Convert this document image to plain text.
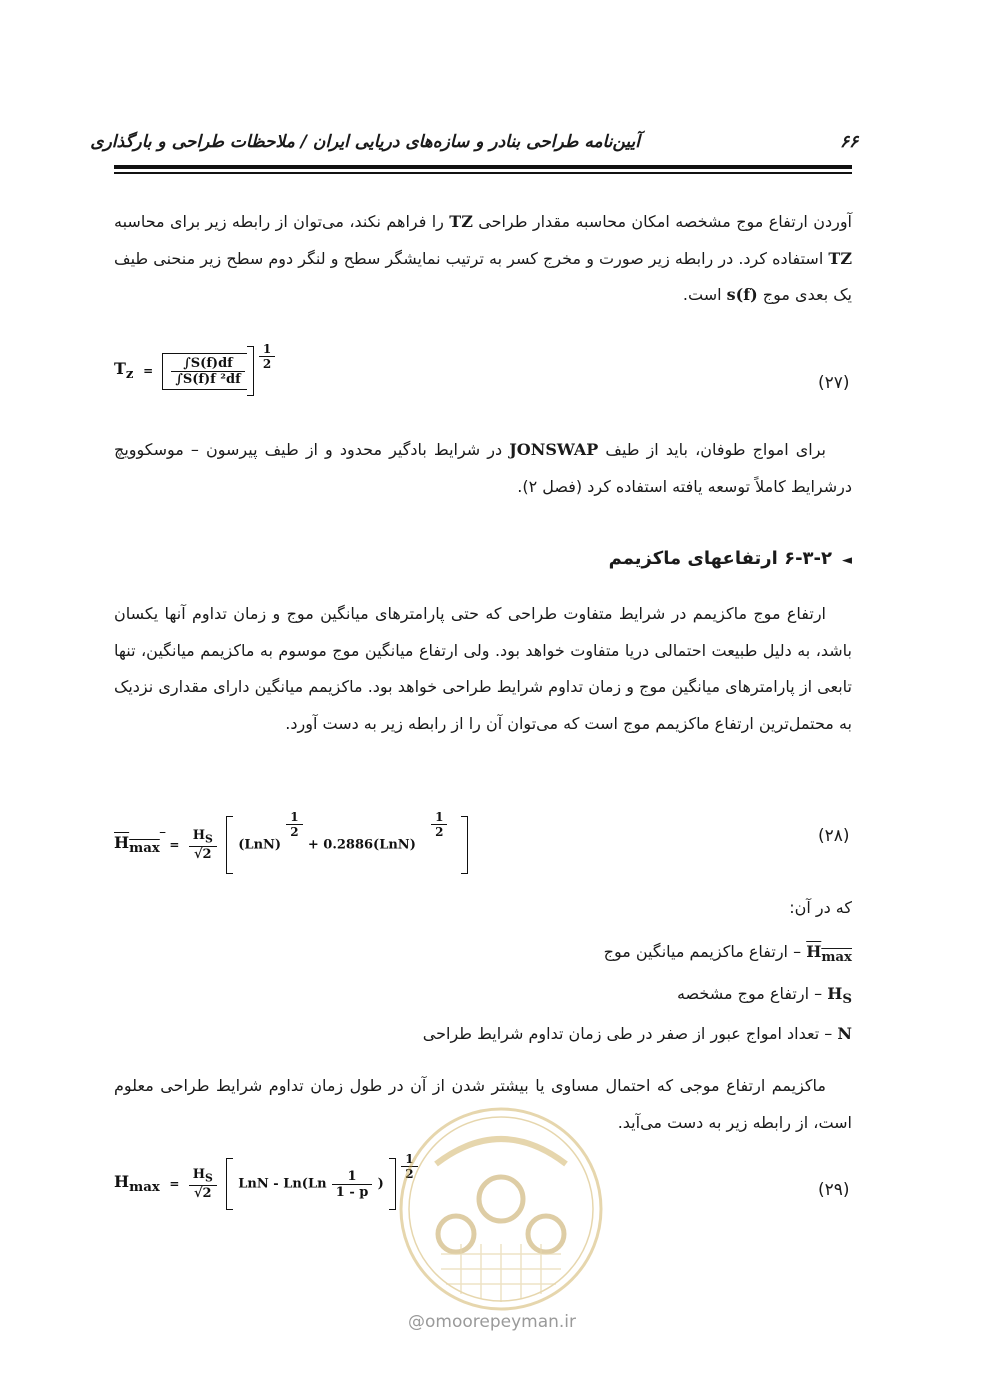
آیین‌نامه طراحی بنادر و سازه‌های دریایی ایران / ملاحظات طراحی و بارگذاری	۶۶
آوردن ارتفاع موج مشخصه امکان محاسبه مقدار طراحی TZ را فراهم نکند، می‌توان از رابطه زیر برای محاسبه TZ استفاده کرد. در رابطه زیر صورت و مخرج کسر به ترتیب نمایشگر سطح و لنگر دوم سطح زیر منحنی طیف یک بعدی موج s(f) است.
$T_z = \frac{\int S(f)df}{\text{∫S(f)f ²df}}$
$\frac{1}{2}$
(۲۷)
برای امواج طوفان، باید از طیف JONSWAP در شرایط بادگیر محدود و از طیف پیرسون – موسکوویچ درشرایط کاملاً توسعه یافته استفاده کرد (فصل ۲).
◄۶-۳-۲ ارتفاعهای ماکزیمم
ارتفاع موج ماکزیمم در شرایط متفاوت طراحی که حتی پارامترهای میانگین موج و زمان تداوم آنها یکسان باشد، به دلیل طبیعت احتمالی دریا متفاوت خواهد بود. ولی ارتفاع میانگین موج موسوم به ماکزیمم میانگین، تنها تابعی از پارامترهای میانگین موج و زمان تداوم شرایط طراحی خواهد بود. ماکزیمم میانگین دارای مقداری نزدیک به محتمل‌ترین ارتفاع ماکزیمم موج است که می‌توان آن را از رابطه زیر به دست آورد.
$H_{max} = \frac{H_S}{√2} (LnN)$
$\frac{1}{2}$
+ 0.2886(LnN)
$\frac{1}{2}$
	(۲۸)
که در آن:
$H_{max}$ – ارتفاع ماکزیمم میانگین موج
$H_S$ – ارتفاع موج مشخصه
N – تعداد امواج عبور از صفر در طی زمان تداوم شرایط طراحی
ماکزیمم ارتفاع موجی که احتمال مساوی یا بیشتر شدن از آن در طول زمان تداوم شرایط طراحی معلوم است، از رابطه زیر به دست می‌آید.
$H_{max} = \frac{H_S}{√2}$ LnN - $Ln(Ln \frac{1}{1 - p}$ )
$\frac{1}{2}$
(۲۹)
@omoorepeyman.ir
